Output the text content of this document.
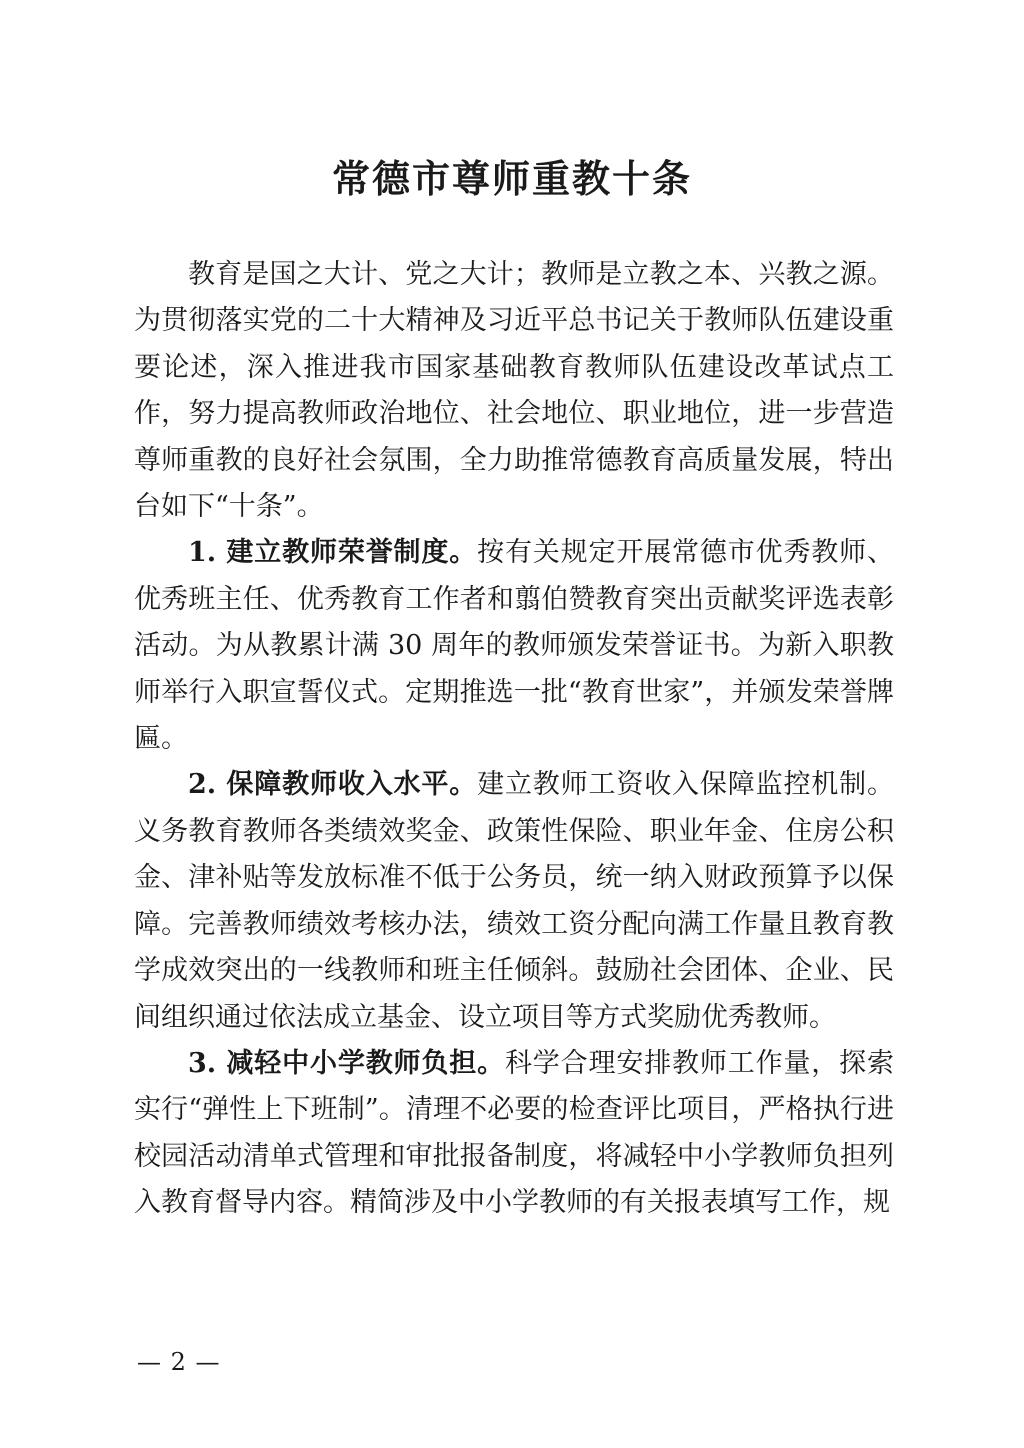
常德市尊师重教十条

教育是国之大计、党之大计；教师是立教之本、兴教之源。为贯彻落实党的二十大精神及习近平总书记关于教师队伍建设重要论述，深入推进我市国家基础教育教师队伍建设改革试点工作，努力提高教师政治地位、社会地位、职业地位，进一步营造尊师重教的良好社会氛围，全力助推常德教育高质量发展，特出台如下“十条”。

1. 建立教师荣誉制度。按有关规定开展常德市优秀教师、优秀班主任、优秀教育工作者和翦伯赞教育突出贡献奖评选表彰活动。为从教累计满 30 周年的教师颁发荣誉证书。为新入职教师举行入职宣誓仪式。定期推选一批“教育世家”，并颁发荣誉牌匾。

2. 保障教师收入水平。建立教师工资收入保障监控机制。义务教育教师各类绩效奖金、政策性保险、职业年金、住房公积金、津补贴等发放标准不低于公务员，统一纳入财政预算予以保障。完善教师绩效考核办法，绩效工资分配向满工作量且教育教学成效突出的一线教师和班主任倾斜。鼓励社会团体、企业、民间组织通过依法成立基金、设立项目等方式奖励优秀教师。

3. 减轻中小学教师负担。科学合理安排教师工作量，探索实行“弹性上下班制”。清理不必要的检查评比项目，严格执行进校园活动清单式管理和审批报备制度，将减轻中小学教师负担列入教育督导内容。精简涉及中小学教师的有关报表填写工作，规

— 2 —
